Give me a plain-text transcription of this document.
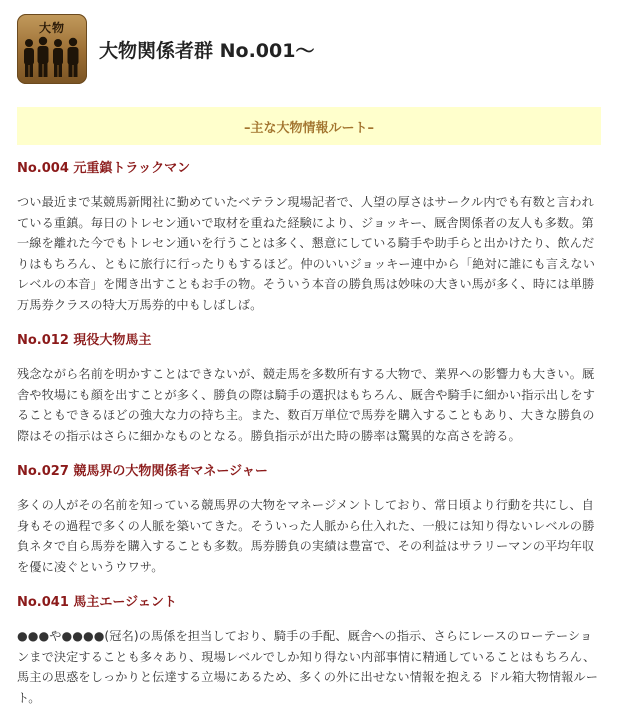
大物
大物関係者群 No.001～
–主な大物情報ルート–
No.004 元重鎮トラックマン

つい最近まで某競馬新聞社に勤めていたベテラン現場記者で、人望の厚さはサークル内でも有数と言われている重鎮。毎日のトレセン通いで取材を重ねた経験により、ジョッキー、厩舎関係者の友人も多数。第一線を離れた今でもトレセン通いを行うことは多く、懇意にしている騎手や助手らと出かけたり、飲んだりはもちろん、ともに旅行に行ったりもするほど。仲のいいジョッキー連中から「絶対に誰にも言えないレベルの本音」を聞き出すこともお手の物。そういう本音の勝負馬は妙味の大きい馬が多く、時には単勝万馬券クラスの特大万馬券的中もしばしば。

No.012 現役大物馬主

残念ながら名前を明かすことはできないが、競走馬を多数所有する大物で、業界への影響力も大きい。厩舎や牧場にも顔を出すことが多く、勝負の際は騎手の選択はもちろん、厩舎や騎手に細かい指示出しをすることもできるほどの強大な力の持ち主。また、数百万単位で馬券を購入することもあり、大きな勝負の際はその指示はさらに細かなものとなる。勝負指示が出た時の勝率は驚異的な高さを誇る。

No.027 競馬界の大物関係者マネージャー

多くの人がその名前を知っている競馬界の大物をマネージメントしており、常日頃より行動を共にし、自身もその過程で多くの人脈を築いてきた。そういった人脈から仕入れた、一般には知り得ないレベルの勝負ネタで自ら馬券を購入することも多数。馬券勝負の実績は豊富で、その利益はサラリーマンの平均年収を優に凌ぐというウワサ。

No.041 馬主エージェント

●●●や●●●●(冠名)の馬係を担当しており、騎手の手配、厩舎への指示、さらにレースのローテーションまで決定することも多々あり、現場レベルでしか知り得ない内部事情に精通していることはもちろん、馬主の思惑をしっかりと伝達する立場にあるため、多くの外に出せない情報を抱える ドル箱大物情報ルート。
